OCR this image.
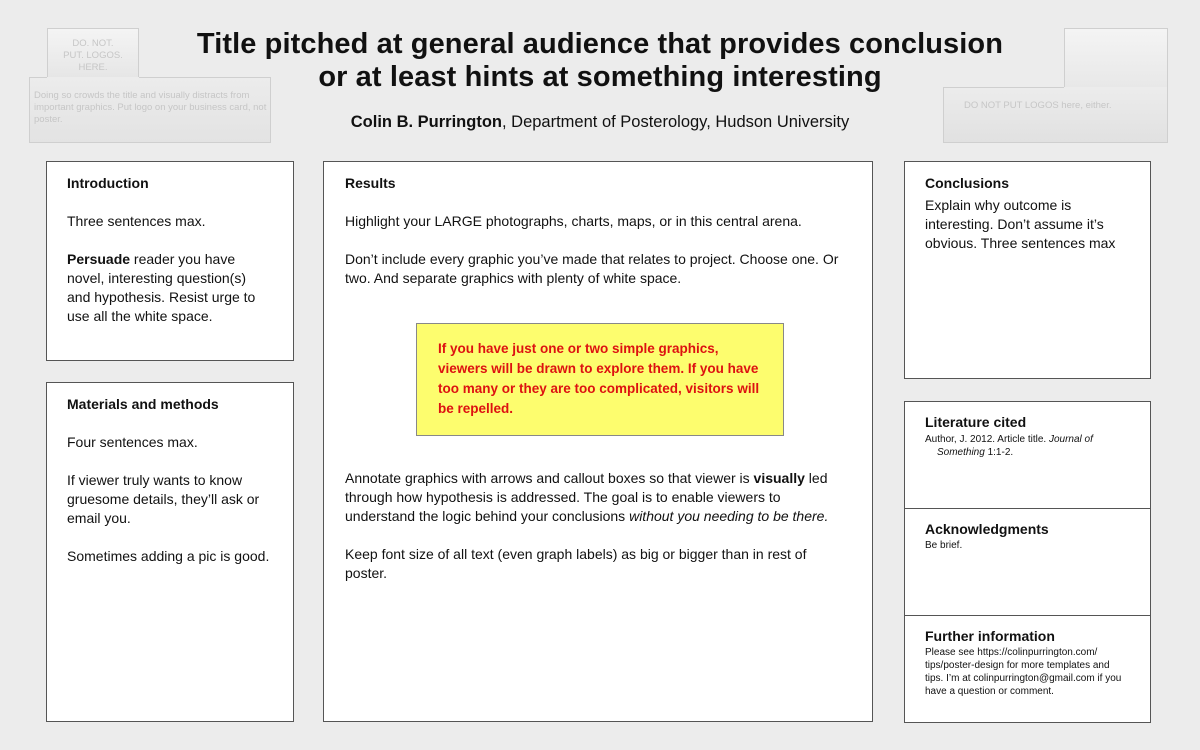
DO. NOT.
PUT. LOGOS.
HERE.
Doing so crowds the title and visually distracts from important graphics. Put logo on your business card, not poster.
DO NOT PUT LOGOS here, either.
Title pitched at general audience that provides conclusion
or at least hints at something interesting
Colin B. Purrington, Department of Posterology, Hudson University
Introduction

Three sentences max.

Persuade reader you have novel, interesting question(s) and hypothesis. Resist urge to use all the white space.

Materials and methods

Four sentences max.

If viewer truly wants to know gruesome details, they’ll ask or email you.

Sometimes adding a pic is good.

Results

Highlight your LARGE photographs, charts, maps, or in this central arena.

Don’t include every graphic you’ve made that relates to project. Choose one. Or two. And separate graphics with plenty of white space.

Annotate graphics with arrows and callout boxes so that viewer is visually led through how hypothesis is addressed. The goal is to enable viewers to understand the logic behind your conclusions without you needing to be there.

Keep font size of all text (even graph labels) as big or bigger than in rest of poster.

If you have just one or two simple graphics, viewers will be drawn to explore them. If you have too many or they are too complicated, visitors will be repelled.
Conclusions

Explain why outcome is interesting. Don’t assume it’s obvious. Three sentences max

Literature cited

Author, J. 2012. Article title. Journal of Something 1:1-2.

Acknowledgments

Be brief.

Further information

Please see https://colinpurrington.com/ tips/poster-design for more templates and tips. I’m at colinpurrington@gmail.com if you have a question or comment.
